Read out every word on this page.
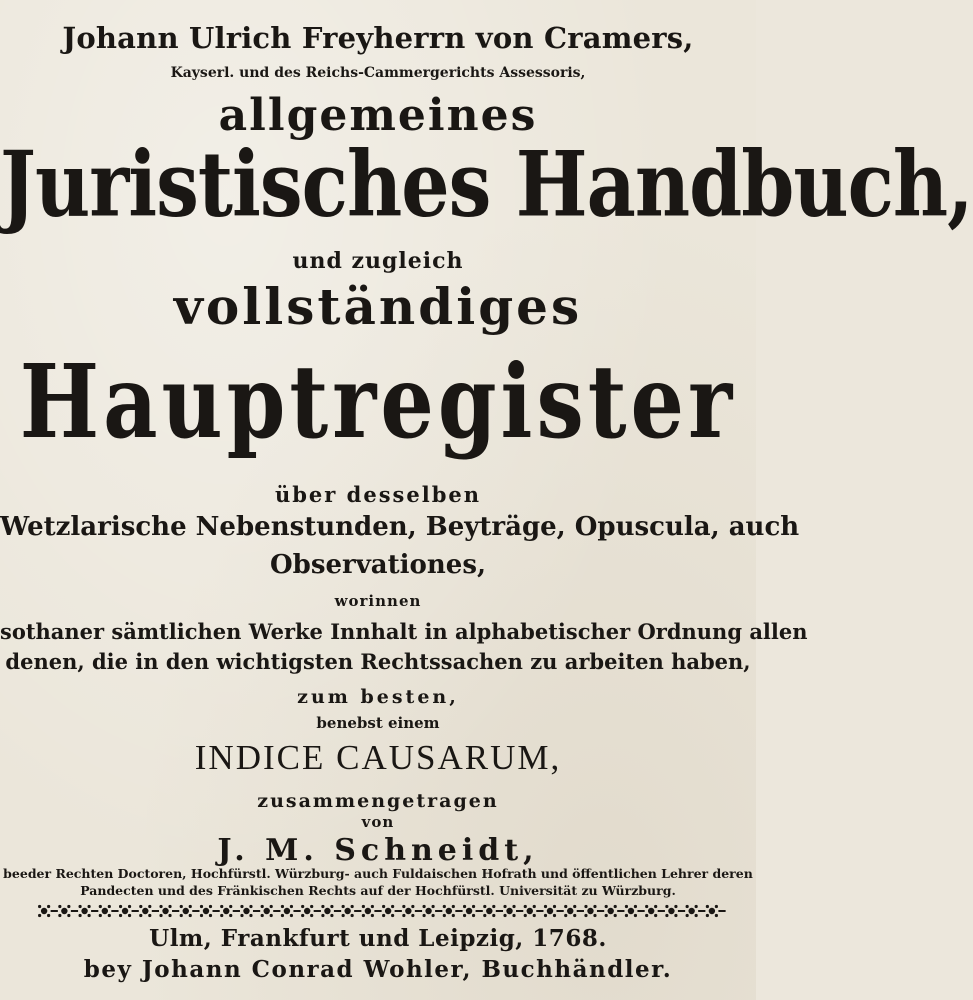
Johann Ulrich Freyherrn von Cramers,
Kayserl. und des Reichs-Cammergerichts Assessoris,
allgemeines
Juristisches Handbuch,
und zugleich
vollständiges
Hauptregister
über desselben
Wetzlarische Nebenstunden, Beyträge, Opuscula, auch
Observationes,
worinnen
sothaner sämtlichen Werke Innhalt in alphabetischer Ordnung allen
denen, die in den wichtigsten Rechtssachen zu arbeiten haben,
zum besten,
benebst einem
INDICE CAUSARUM,
zusammengetragen
von
J. M. Schneidt,
beeder Rechten Doctoren, Hochfürstl. Würzburg- auch Fuldaischen Hofrath und öffentlichen Lehrer deren
Pandecten und des Fränkischen Rechts auf der Hochfürstl. Universität zu Würzburg.
Ulm, Frankfurt und Leipzig, 1768.
bey Johann Conrad Wohler, Buchhändler.
